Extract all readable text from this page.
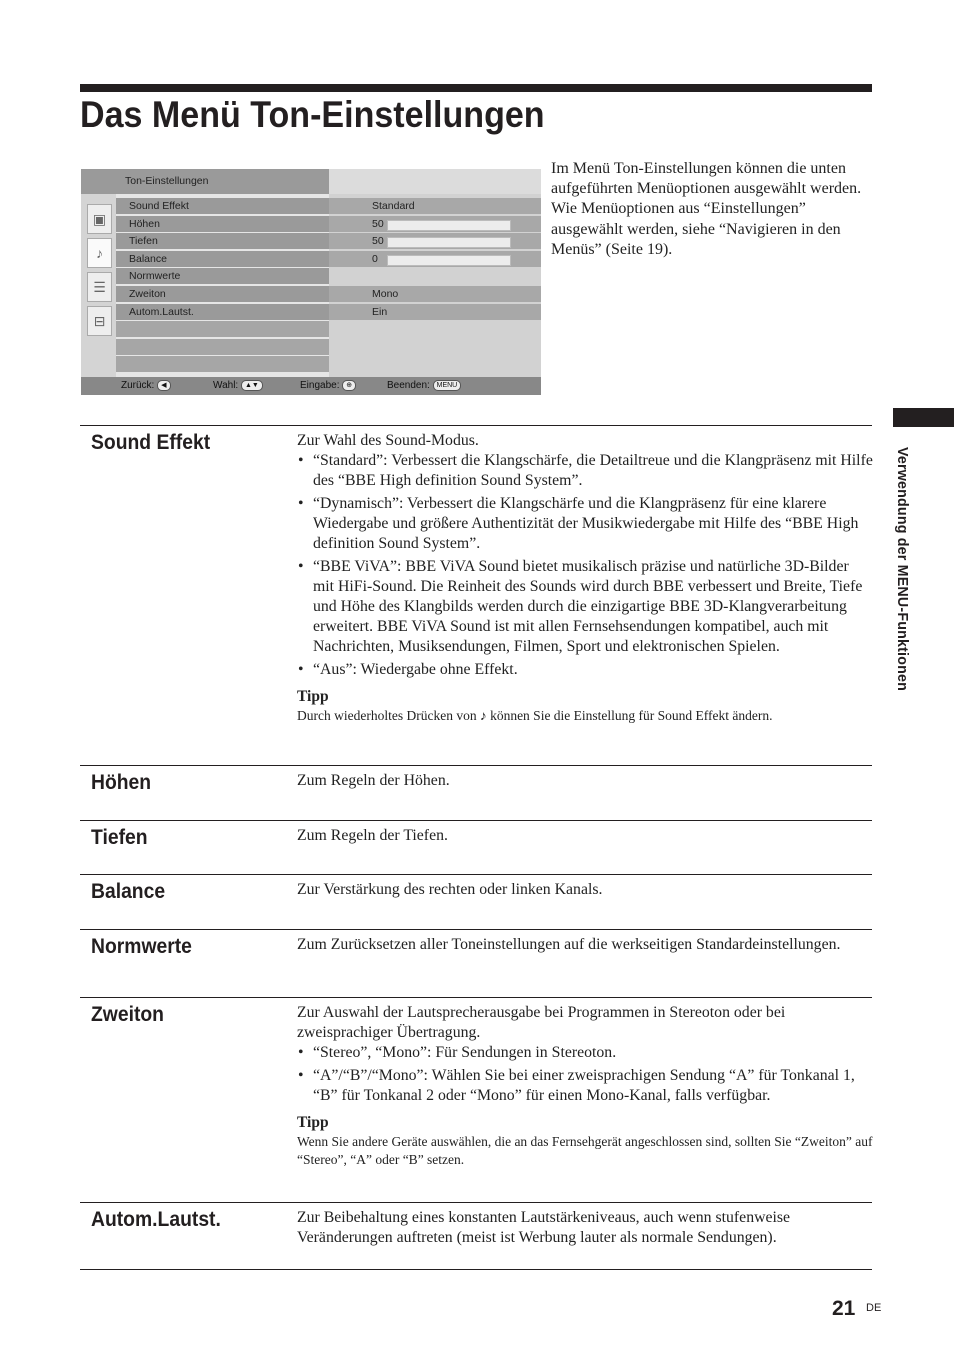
Das Menü Ton-Einstellungen
Ton-Einstellungen
▣
♪
☰
⊟
Sound Effekt	Standard
Höhen	50
Tiefen	50
Balance	0
Normwerte
Zweiton	Mono
Autom.Lautst.	Ein
Zurück: ◀	Wahl: ▲▼	Eingabe: ⊕	Beenden: MENU
Im Menü Ton-Einstellungen können die unten aufgeführten Menüoptionen ausgewählt werden. Wie Menüoptionen aus “Einstellungen” ausgewählt werden, siehe “Navigieren in den Menüs” (Seite 19).
Verwendung der MENU-Funktionen
Sound Effekt	Zur Wahl des Sound-Modus.

• “Standard”: Verbessert die Klangschärfe, die Detailtreue und die Klangpräsenz mit Hilfe des “BBE High definition Sound System”.
• “Dynamisch”: Verbessert die Klangschärfe und die Klangpräsenz für eine klarere Wiedergabe und größere Authentizität der Musikwiedergabe mit Hilfe des “BBE High definition Sound System”.
• “BBE ViVA”: BBE ViVA Sound bietet musikalisch präzise und natürliche 3D-Bilder mit HiFi-Sound. Die Reinheit des Sounds wird durch BBE verbessert und Breite, Tiefe und Höhe des Klangbilds werden durch die einzigartige BBE 3D-Klangverarbeitung erweitert. BBE ViVA Sound ist mit allen Fernsehsendungen kompatibel, auch mit Nachrichten, Musiksendungen, Filmen, Sport und elektronischen Spielen.
• “Aus”: Wiedergabe ohne Effekt.
Tipp
Durch wiederholtes Drücken von ♪ können Sie die Einstellung für Sound Effekt ändern.
Höhen	Zum Regeln der Höhen.

Tiefen	Zum Regeln der Tiefen.

Balance	Zur Verstärkung des rechten oder linken Kanals.

Normwerte	Zum Zurücksetzen aller Toneinstellungen auf die werkseitigen Standardeinstellungen.

Zweiton	Zur Auswahl der Lautsprecherausgabe bei Programmen in Stereoton oder bei zweisprachiger Übertragung.

• “Stereo”, “Mono”: Für Sendungen in Stereoton.
• “A”/“B”/“Mono”: Wählen Sie bei einer zweisprachigen Sendung “A” für Tonkanal 1, “B” für Tonkanal 2 oder “Mono” für einen Mono-Kanal, falls verfügbar.
Tipp
Wenn Sie andere Geräte auswählen, die an das Fernsehgerät angeschlossen sind, sollten Sie “Zweiton” auf “Stereo”, “A” oder “B” setzen.
Autom.Lautst.	Zur Beibehaltung eines konstanten Lautstärkeniveaus, auch wenn stufenweise Veränderungen auftreten (meist ist Werbung lauter als normale Sendungen).

21 DE
